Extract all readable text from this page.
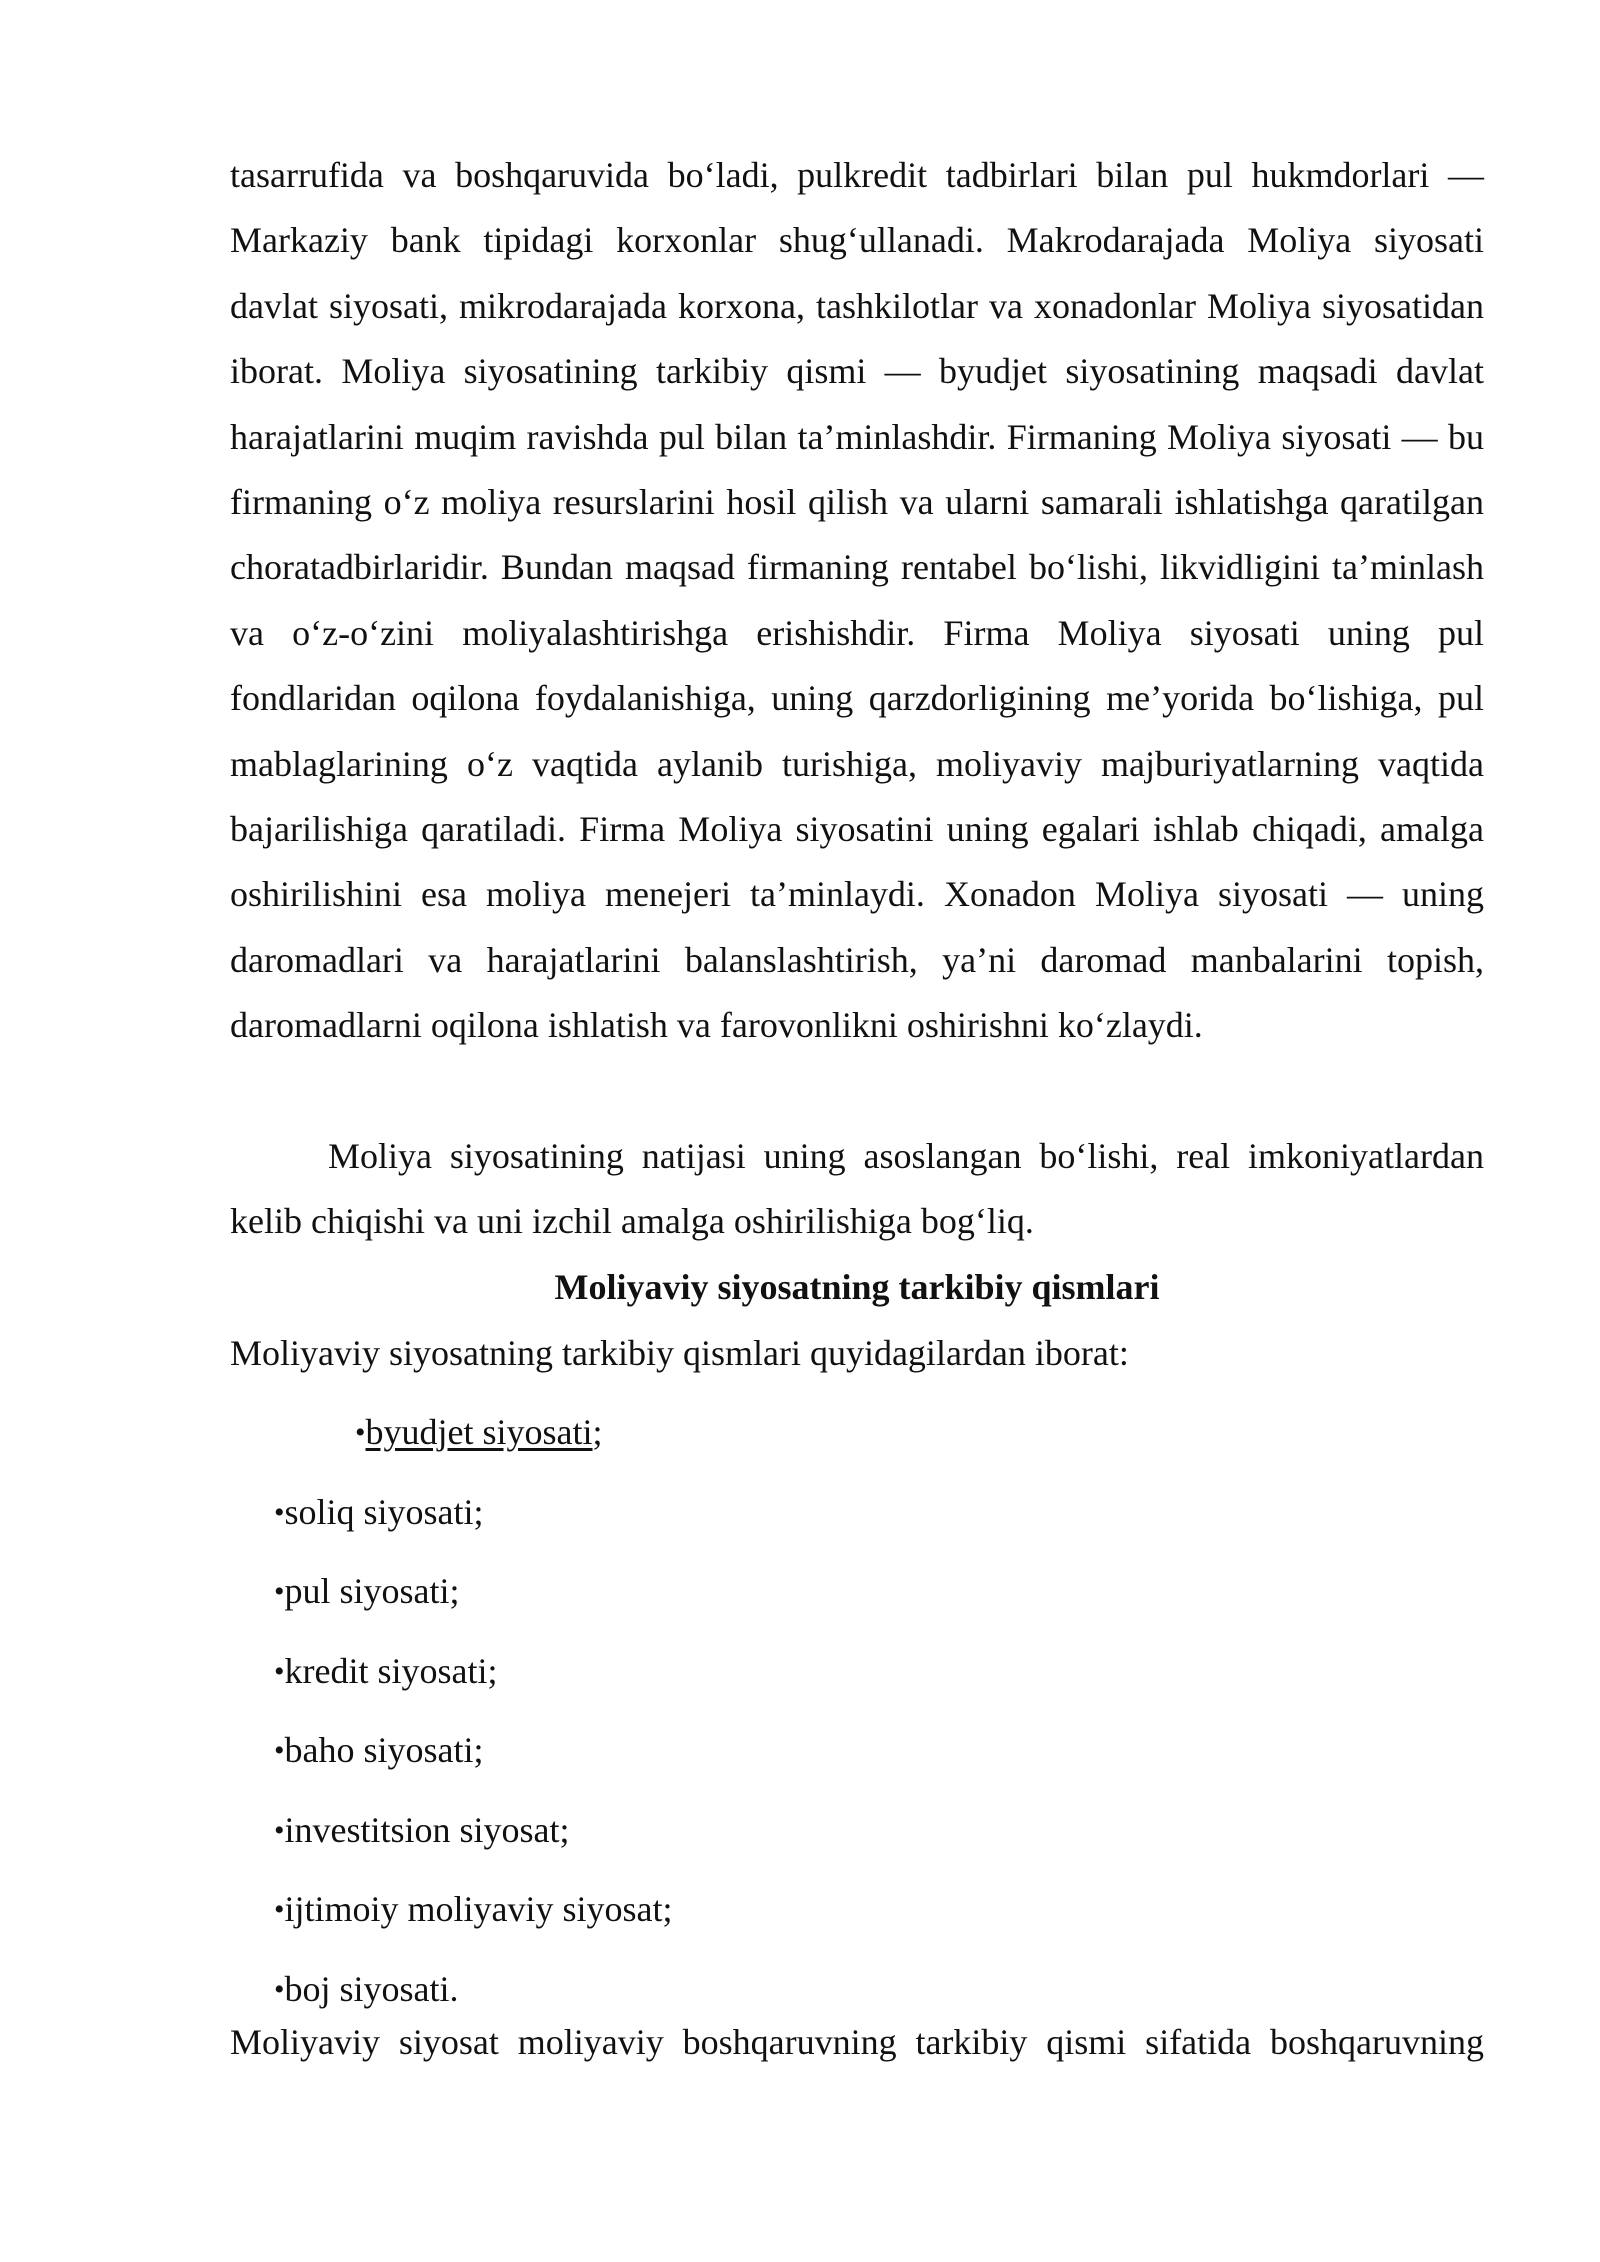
tasarrufida va boshqaruvida bo‘ladi, pulkredit tadbirlari bilan pul hukmdorlari — Markaziy bank tipidagi korxonlar shug‘ullanadi. Makrodarajada Moliya siyosati davlat siyosati, mikrodarajada korxona, tashkilotlar va xonadonlar Moliya siyosatidan iborat. Moliya siyosatining tarkibiy qismi — byudjet siyosatining maqsadi davlat harajatlarini muqim ravishda pul bilan ta’minlashdir. Firmaning Moliya siyosati — bu firmaning o‘z moliya resurslarini hosil qilish va ularni samarali ishlatishga qaratilgan choratadbirlaridir. Bundan maqsad firmaning rentabel bo‘lishi, likvidligini ta’minlash va o‘z-o‘zini moliyalashtirishga erishishdir. Firma Moliya siyosati uning pul fondlaridan oqilona foydalanishiga, uning qarzdorligining me’yorida bo‘lishiga, pul mablaglarining o‘z vaqtida aylanib turishiga, moliyaviy majburiyatlarning vaqtida bajarilishiga qaratiladi. Firma Moliya siyosatini uning egalari ishlab chiqadi, amalga oshirilishini esa moliya menejeri ta’minlaydi. Xonadon Moliya siyosati — uning daromadlari va harajatlarini balanslashtirish, ya’ni daromad manbalarini topish, daromadlarni oqilona ishlatish va farovonlikni oshirishni ko‘zlaydi.

Moliya siyosatining natijasi uning asoslangan bo‘lishi, real imkoniyatlardan kelib chiqishi va uni izchil amalga oshirilishiga bog‘liq.

Moliyaviy siyosatning tarkibiy qismlari

Moliyaviy siyosatning tarkibiy qismlari quyidagilardan iborat:

•byudjet siyosati;
•soliq siyosati;
•pul siyosati;
•kredit siyosati;
•baho siyosati;
•investitsion siyosat;
•ijtimoiy moliyaviy siyosat;
•boj siyosati.

Moliyaviy siyosat moliyaviy boshqaruvning tarkibiy qismi sifatida boshqaruvning
